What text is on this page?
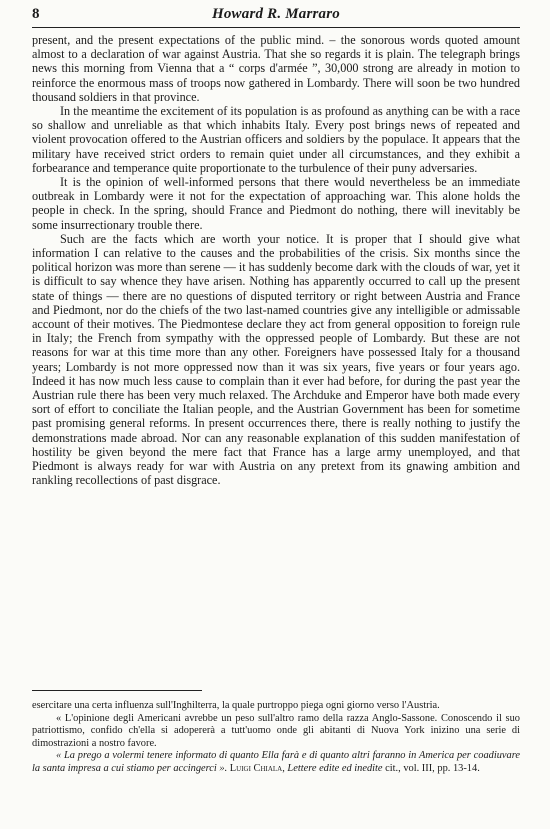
8	Howard R. Marraro

present, and the present expectations of the public mind. – the sonorous words quoted amount almost to a declaration of war against Austria. That she so regards it is plain. The telegraph brings news this morning from Vienna that a “ corps d'armée ”, 30,000 strong are already in motion to reinforce the enormous mass of troops now gathered in Lombardy. There will soon be two hundred thousand soldiers in that province.

In the meantime the excitement of its population is as profound as anything can be with a race so shallow and unreliable as that which inhabits Italy. Every post brings news of repeated and violent provocation offered to the Austrian officers and soldiers by the populace. It appears that the military have received strict orders to remain quiet under all circumstances, and they exhibit a forbearance and temperance quite proportionate to the turbulence of their puny adversaries.

It is the opinion of well-informed persons that there would nevertheless be an immediate outbreak in Lombardy were it not for the expectation of approaching war. This alone holds the people in check. In the spring, should France and Piedmont do nothing, there will inevitably be some insurrectionary trouble there.

Such are the facts which are worth your notice. It is proper that I should give what information I can relative to the causes and the probabilities of the crisis. Six months since the political horizon was more than serene — it has suddenly become dark with the clouds of war, yet it is difficult to say whence they have arisen. Nothing has apparently occurred to call up the present state of things — there are no questions of disputed territory or right between Austria and France and Piedmont, nor do the chiefs of the two last-named countries give any intelligible or admissable account of their motives. The Piedmontese declare they act from general opposition to foreign rule in Italy; the French from sympathy with the oppressed people of Lombardy. But these are not reasons for war at this time more than any other. Foreigners have possessed Italy for a thousand years; Lombardy is not more oppressed now than it was six years, five years or four years ago. Indeed it has now much less cause to complain than it ever had before, for during the past year the Austrian rule there has been very much relaxed. The Archduke and Emperor have both made every sort of effort to conciliate the Italian people, and the Austrian Government has been for sometime past promising general reforms. In present occurrences there, there is really nothing to justify the demonstrations made abroad. Nor can any reasonable explanation of this sudden manifestation of hostility be given beyond the mere fact that France has a large army unemployed, and that Piedmont is always ready for war with Austria on any pretext from its gnawing ambition and rankling recollections of past disgrace.

esercitare una certa influenza sull'Inghilterra, la quale purtroppo piega ogni giorno verso l'Austria.

« L'opinione degli Americani avrebbe un peso sull'altro ramo della razza Anglo-Sassone. Conoscendo il suo patriottismo, confido ch'ella si adopererà a tutt'uomo onde gli abitanti di Nuova York inizino una serie di dimostrazioni a nostro favore.

« La prego a volermi tenere informato di quanto Ella farà e di quanto altri faranno in America per coadiuvare la santa impresa a cui stiamo per accingerci ». Luigi Chiala, Lettere edite ed inedite cit., vol. III, pp. 13-14.
